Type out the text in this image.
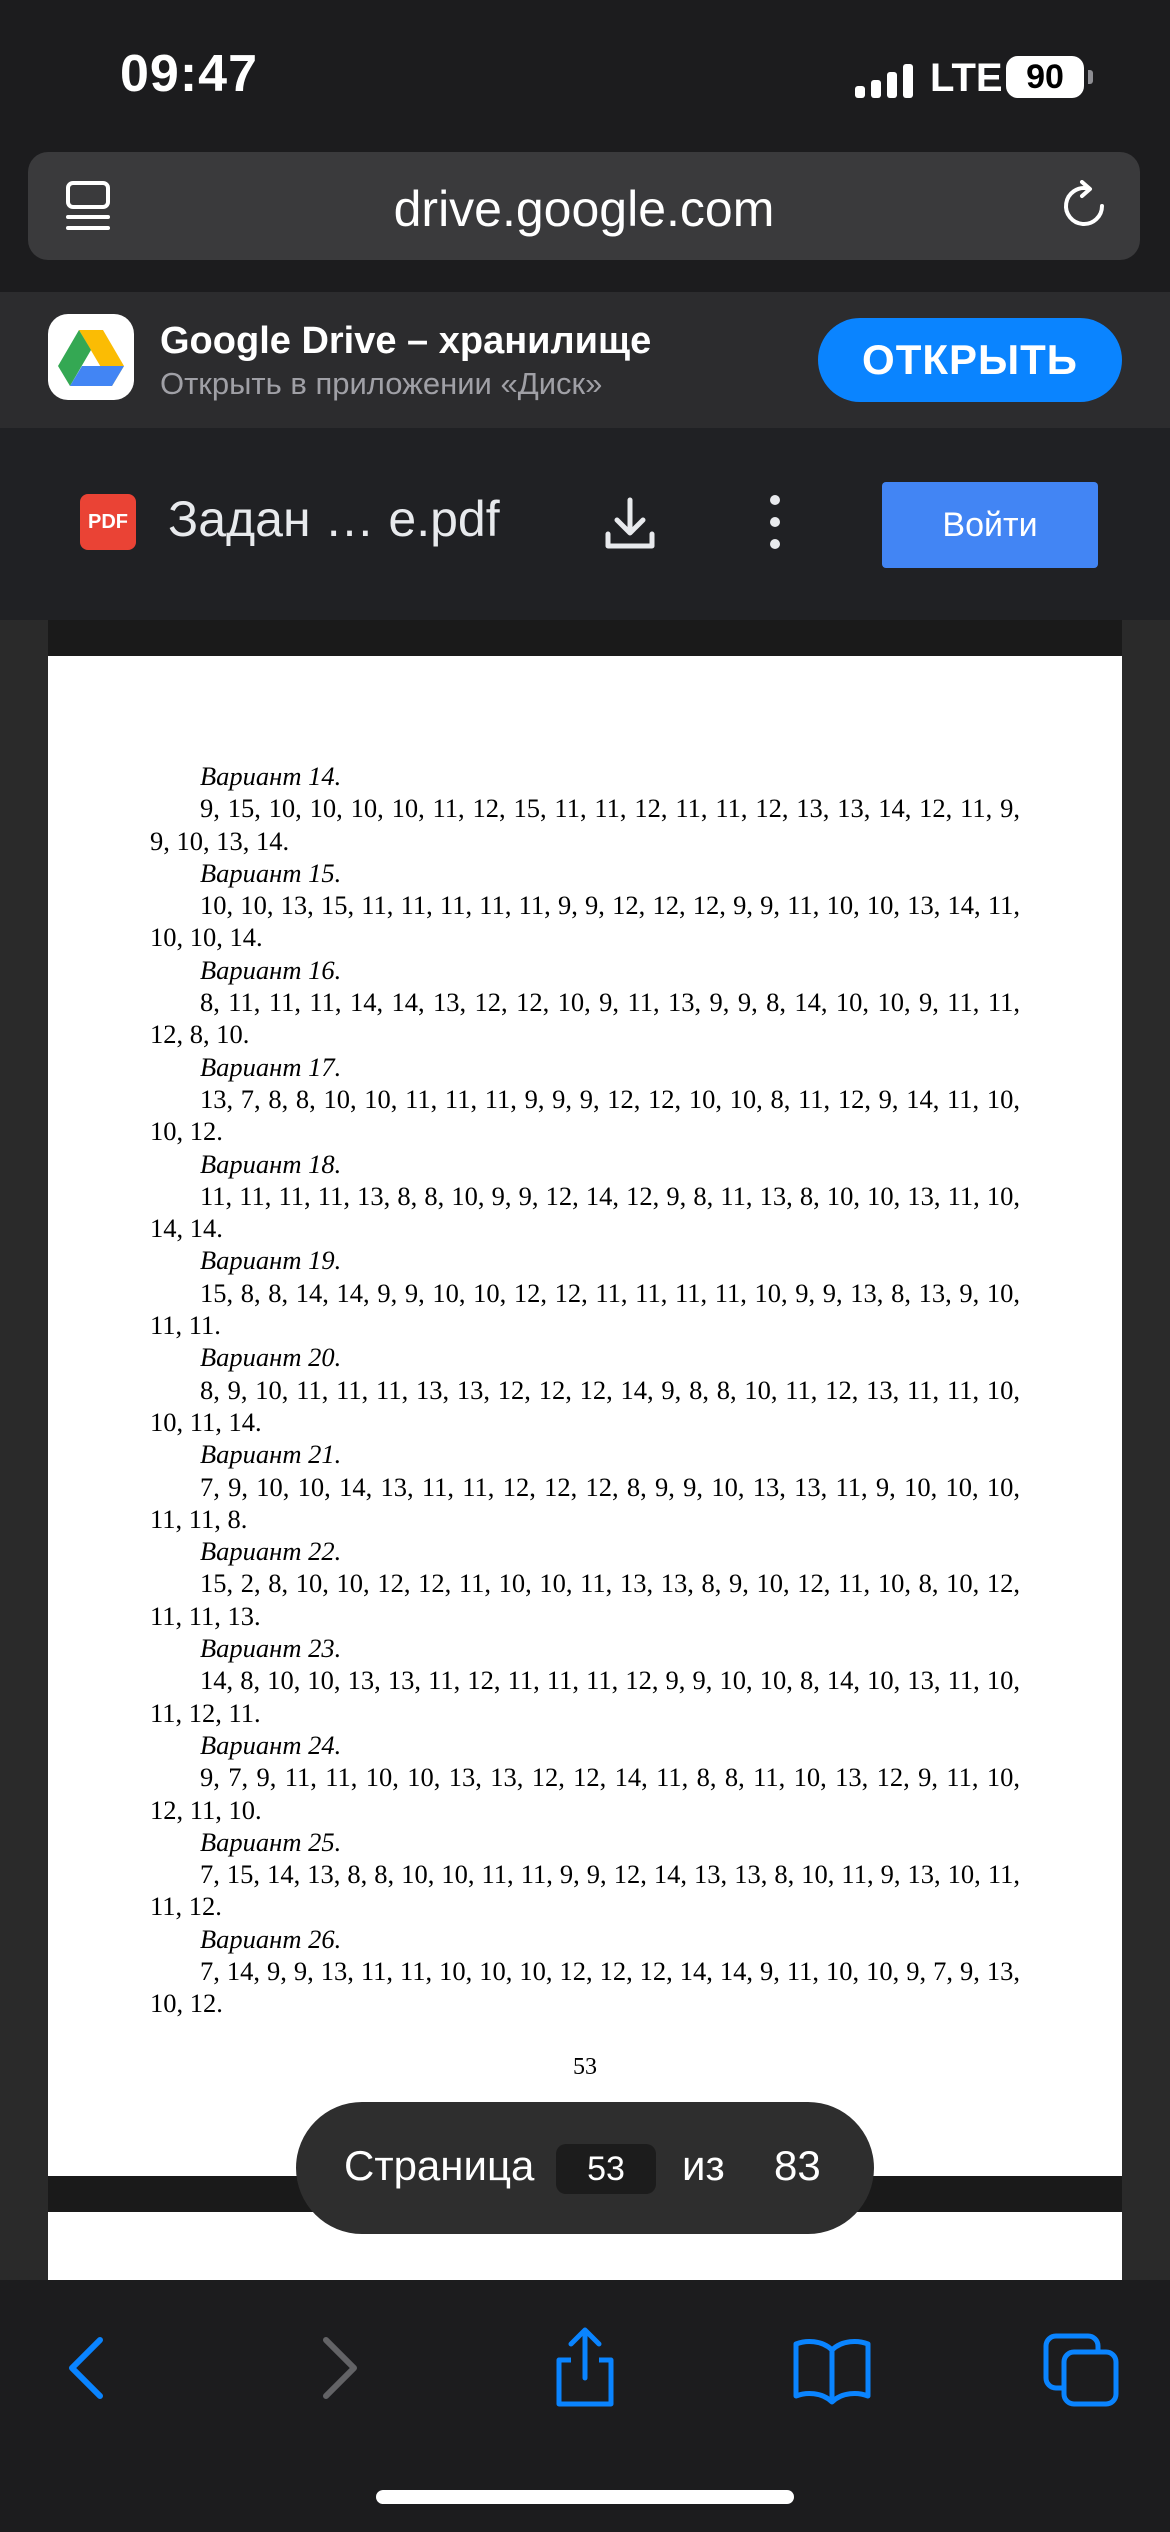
09:47	LTE 90
drive.google.com
Google Drive – хранилище
Открыть в приложении «Диск»
ОТКРЫТЬ
PDF Задан … е.pdf	Войти
Вариант 14.
9, 15, 10, 10, 10, 10, 11, 12, 15, 11, 11, 12, 11, 11, 12, 13, 13, 14, 12, 11, 9, 9, 10, 13, 14.
Вариант 15.
10, 10, 13, 15, 11, 11, 11, 11, 11, 9, 9, 12, 12, 12, 9, 9, 11, 10, 10, 13, 14, 11, 10, 10, 14.
Вариант 16.
8, 11, 11, 11, 14, 14, 13, 12, 12, 10, 9, 11, 13, 9, 9, 8, 14, 10, 10, 9, 11, 11, 12, 8, 10.
Вариант 17.
13, 7, 8, 8, 10, 10, 11, 11, 11, 9, 9, 9, 12, 12, 10, 10, 8, 11, 12, 9, 14, 11, 10, 10, 12.
Вариант 18.
11, 11, 11, 11, 13, 8, 8, 10, 9, 9, 12, 14, 12, 9, 8, 11, 13, 8, 10, 10, 13, 11, 10, 14, 14.
Вариант 19.
15, 8, 8, 14, 14, 9, 9, 10, 10, 12, 12, 11, 11, 11, 11, 10, 9, 9, 13, 8, 13, 9, 10, 11, 11.
Вариант 20.
8, 9, 10, 11, 11, 11, 13, 13, 12, 12, 12, 14, 9, 8, 8, 10, 11, 12, 13, 11, 11, 10, 10, 11, 14.
Вариант 21.
7, 9, 10, 10, 14, 13, 11, 11, 12, 12, 12, 8, 9, 9, 10, 13, 13, 11, 9, 10, 10, 10, 11, 11, 8.
Вариант 22.
15, 2, 8, 10, 10, 12, 12, 11, 10, 10, 11, 13, 13, 8, 9, 10, 12, 11, 10, 8, 10, 12, 11, 11, 13.
Вариант 23.
14, 8, 10, 10, 13, 13, 11, 12, 11, 11, 11, 12, 9, 9, 10, 10, 8, 14, 10, 13, 11, 10, 11, 12, 11.
Вариант 24.
9, 7, 9, 11, 11, 10, 10, 13, 13, 12, 12, 14, 11, 8, 8, 11, 10, 13, 12, 9, 11, 10, 12, 11, 10.
Вариант 25.
7, 15, 14, 13, 8, 8, 10, 10, 11, 11, 9, 9, 12, 14, 13, 13, 8, 10, 11, 9, 13, 10, 11, 11, 12.
Вариант 26.
7, 14, 9, 9, 13, 11, 11, 10, 10, 10, 12, 12, 12, 14, 14, 9, 11, 10, 10, 9, 7, 9, 13, 10, 12.
53
Страница	53	из 83
